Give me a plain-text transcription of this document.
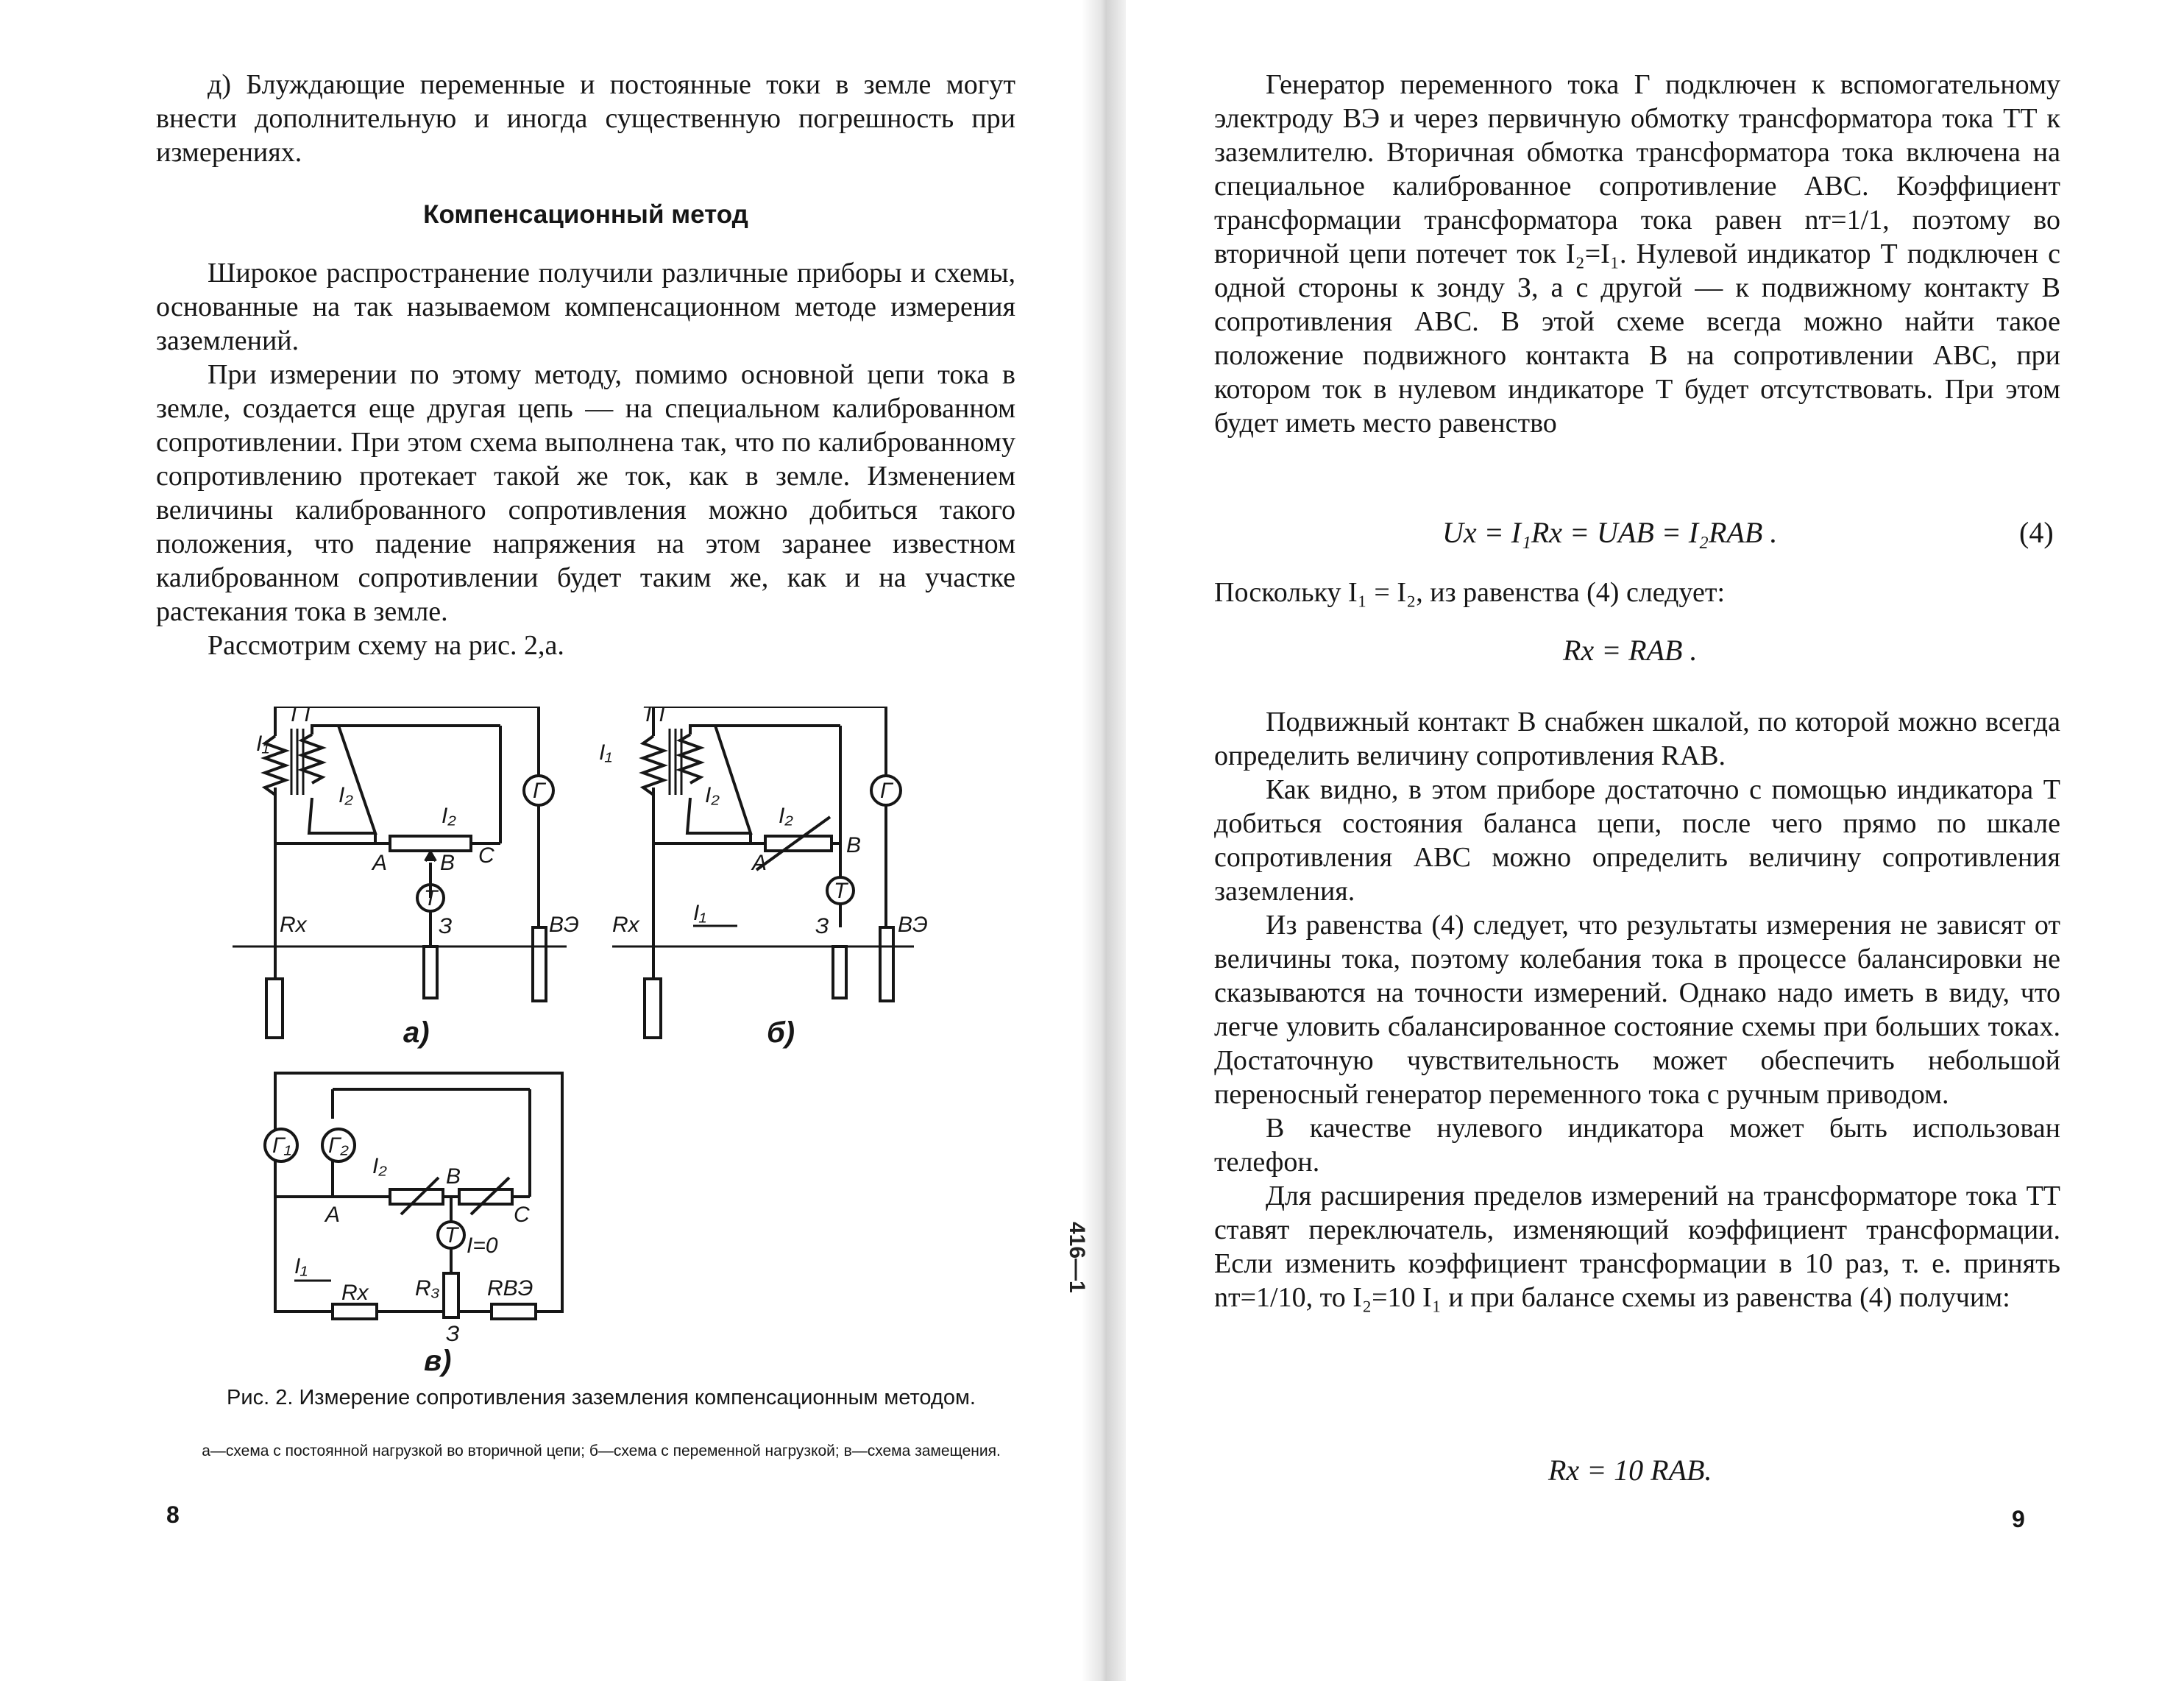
д) Блуждающие переменные и постоянные токи в земле могут внести дополнительную и иногда существенную погрешность при измерениях.

Компенсационный метод

Широкое распространение получили различные приборы и схемы, основанные на так называемом компенсационном методе измерения заземлений.

При измерении по этому методу, помимо основной цепи тока в земле, создается еще другая цепь — на специальном калиброванном сопротивлении. При этом схема выполнена так, что по калиброванному сопротивлению протекает такой же ток, как в земле. Изменением величины калиброванного сопротивления можно добиться такого положения, что падение напряжения на этом заранее известном калиброванном сопротивлении будет таким же, как и на участке растекания тока в земле.

Рассмотрим схему на рис. 2,а.

I₁
ТТ
I₂
I₂
A B C
Г
Т
Rx	З	ВЭ
а)
I₁
ТТ
I₂
I₂
A
B
Г
Т
Rx I₁
З	ВЭ
б)
Г₁ Г₂
I₂
A
B
C
Т I=0
R₃ RВЭ
I₁
Rx
З
в)
Рис. 2. Измерение сопротивления заземления компенсационным методом.
а—схема с постоянной нагрузкой во вторичной цепи; б—схема с переменной нагрузкой; в—схема замещения.
8
416—1

Генератор переменного тока Г подключен к вспомогательному электроду ВЭ и через первичную обмотку трансформатора тока ТТ к заземлителю. Вторичная обмотка трансформатора тока включена на специальное калиброванное сопротивление АВС. Коэффициент трансформации трансформатора тока равен nт=1/1, поэтому во вторичной цепи потечет ток I₂=I₁. Нулевой индикатор Т подключен с одной стороны к зонду З, а с другой — к подвижному контакту В сопротивления АВС. В этой схеме всегда можно найти такое положение подвижного контакта В на сопротивлении АВС, при котором ток в нулевом индикаторе Т будет отсутствовать. При этом будет иметь место равенство

Ux = I₁Rx = UAB = I₂RAB .	(4)
Поскольку I₁ = I₂, из равенства (4) следует:
Rx = RAB .

Подвижный контакт В снабжен шкалой, по которой можно всегда определить величину сопротивления RAB.

Как видно, в этом приборе достаточно с помощью индикатора Т добиться состояния баланса цепи, после чего прямо по шкале сопротивления АВС можно определить величину сопротивления заземления.

Из равенства (4) следует, что результаты измерения не зависят от величины тока, поэтому колебания тока в процессе балансировки не сказываются на точности измерений. Однако надо иметь в виду, что легче уловить сбалансированное состояние схемы при больших токах. Достаточную чувствительность может обеспечить небольшой переносный генератор переменного тока с ручным приводом.

В качестве нулевого индикатора может быть использован телефон.

Для расширения пределов измерений на трансформаторе тока ТТ ставят переключатель, изменяющий коэффициент трансформации. Если изменить коэффициент трансформации в 10 раз, т. е. принять nт=1/10, то I₂=10 I₁ и при балансе схемы из равенства (4) получим:

Rx = 10 RAB.
9
